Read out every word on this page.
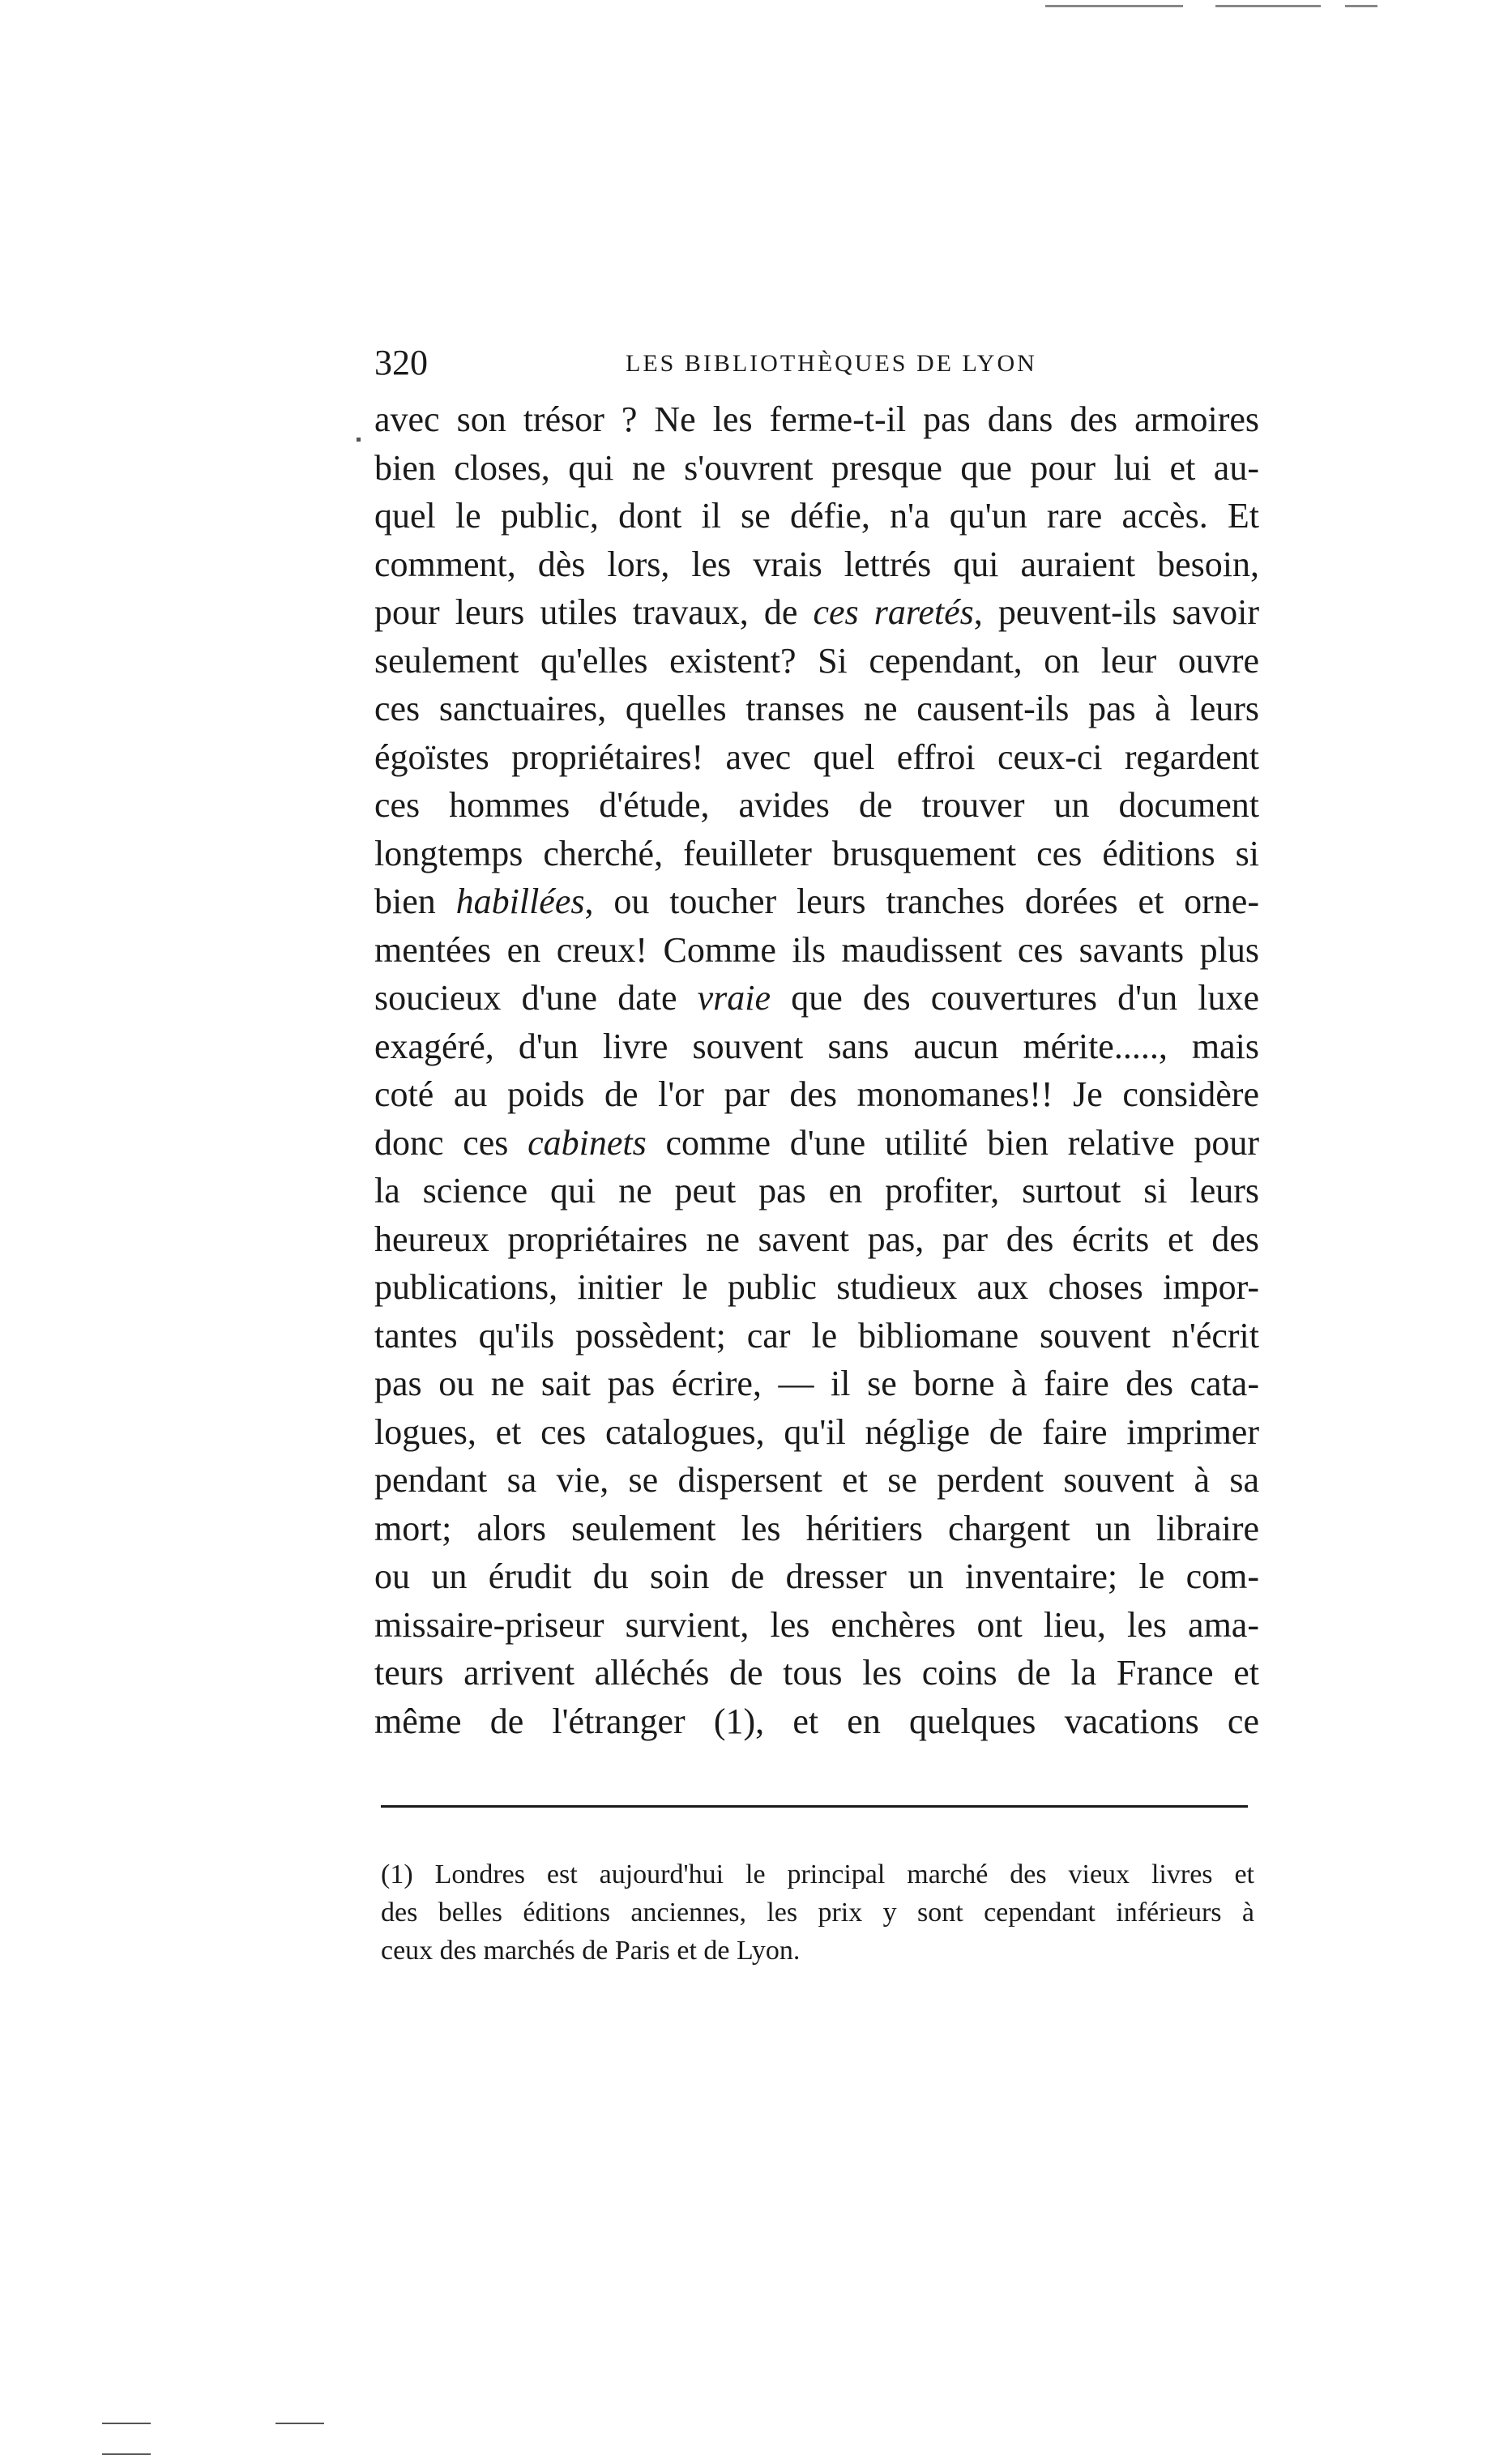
320	LES BIBLIOTHÈQUES DE LYON
avec son trésor ? Ne les ferme-t-il pas dans des armoires
bien closes, qui ne s'ouvrent presque que pour lui et au-
quel le public, dont il se défie, n'a qu'un rare accès. Et
comment, dès lors, les vrais lettrés qui auraient besoin,
pour leurs utiles travaux, de ces raretés, peuvent-ils savoir
seulement qu'elles existent? Si cependant, on leur ouvre
ces sanctuaires, quelles transes ne causent-ils pas à leurs
égoïstes propriétaires! avec quel effroi ceux-ci regardent
ces hommes d'étude, avides de trouver un document
longtemps cherché, feuilleter brusquement ces éditions si
bien habillées, ou toucher leurs tranches dorées et orne-
mentées en creux! Comme ils maudissent ces savants plus
soucieux d'une date vraie que des couvertures d'un luxe
exagéré, d'un livre souvent sans aucun mérite....., mais
coté au poids de l'or par des monomanes!! Je considère
donc ces cabinets comme d'une utilité bien relative pour
la science qui ne peut pas en profiter, surtout si leurs
heureux propriétaires ne savent pas, par des écrits et des
publications, initier le public studieux aux choses impor-
tantes qu'ils possèdent; car le bibliomane souvent n'écrit
pas ou ne sait pas écrire, — il se borne à faire des cata-
logues, et ces catalogues, qu'il néglige de faire imprimer
pendant sa vie, se dispersent et se perdent souvent à sa
mort; alors seulement les héritiers chargent un libraire
ou un érudit du soin de dresser un inventaire; le com-
missaire-priseur survient, les enchères ont lieu, les ama-
teurs arrivent alléchés de tous les coins de la France et
même de l'étranger (1), et en quelques vacations ce
(1) Londres est aujourd'hui le principal marché des vieux livres et
des belles éditions anciennes, les prix y sont cependant inférieurs à
ceux des marchés de Paris et de Lyon.
